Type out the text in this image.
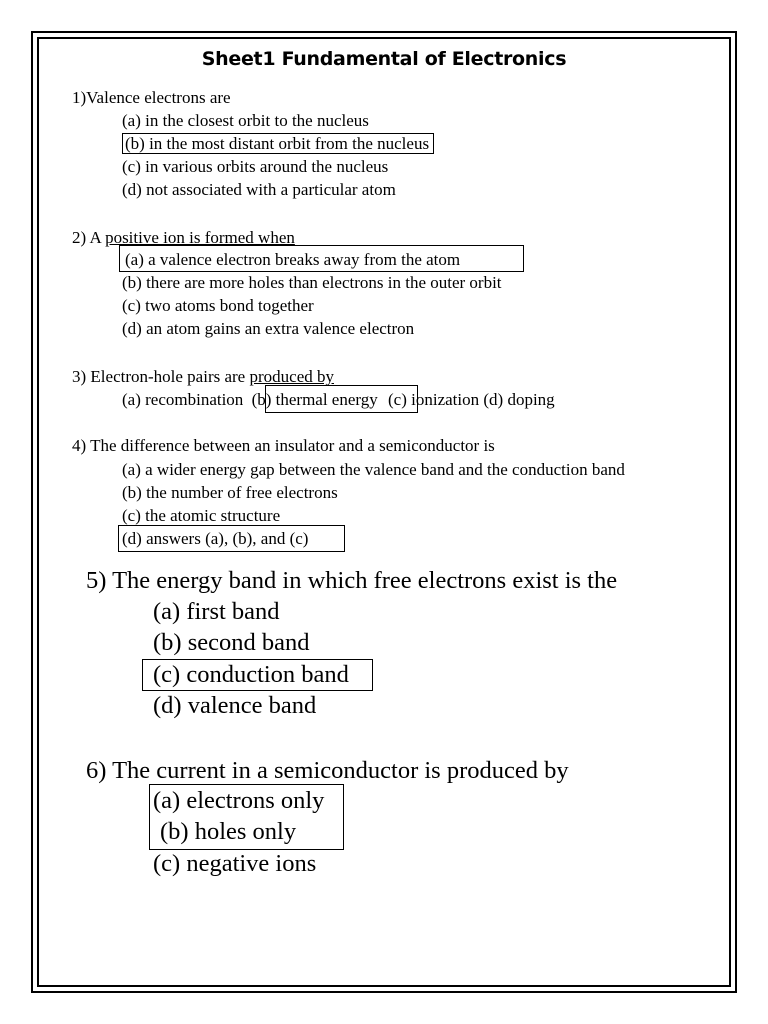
Sheet1 Fundamental of Electronics
1)Valence electrons are
(a) in the closest orbit to the nucleus
(b) in the most distant orbit from the nucleus
(c) in various orbits around the nucleus
(d) not associated with a particular atom
2) A positive ion is formed when
(a) a valence electron breaks away from the atom
(b) there are more holes than electrons in the outer orbit
(c) two atoms bond together
(d) an atom gains an extra valence electron
3) Electron-hole pairs are produced by
(a) recombination (b) thermal energy (c) ionization (d) doping
4) The difference between an insulator and a semiconductor is
(a) a wider energy gap between the valence band and the conduction band
(b) the number of free electrons
(c) the atomic structure
(d) answers (a), (b), and (c)
5) The energy band in which free electrons exist is the
(a) first band
(b) second band
(c) conduction band
(d) valence band
6) The current in a semiconductor is produced by
(a) electrons only
(b) holes only
(c) negative ions
